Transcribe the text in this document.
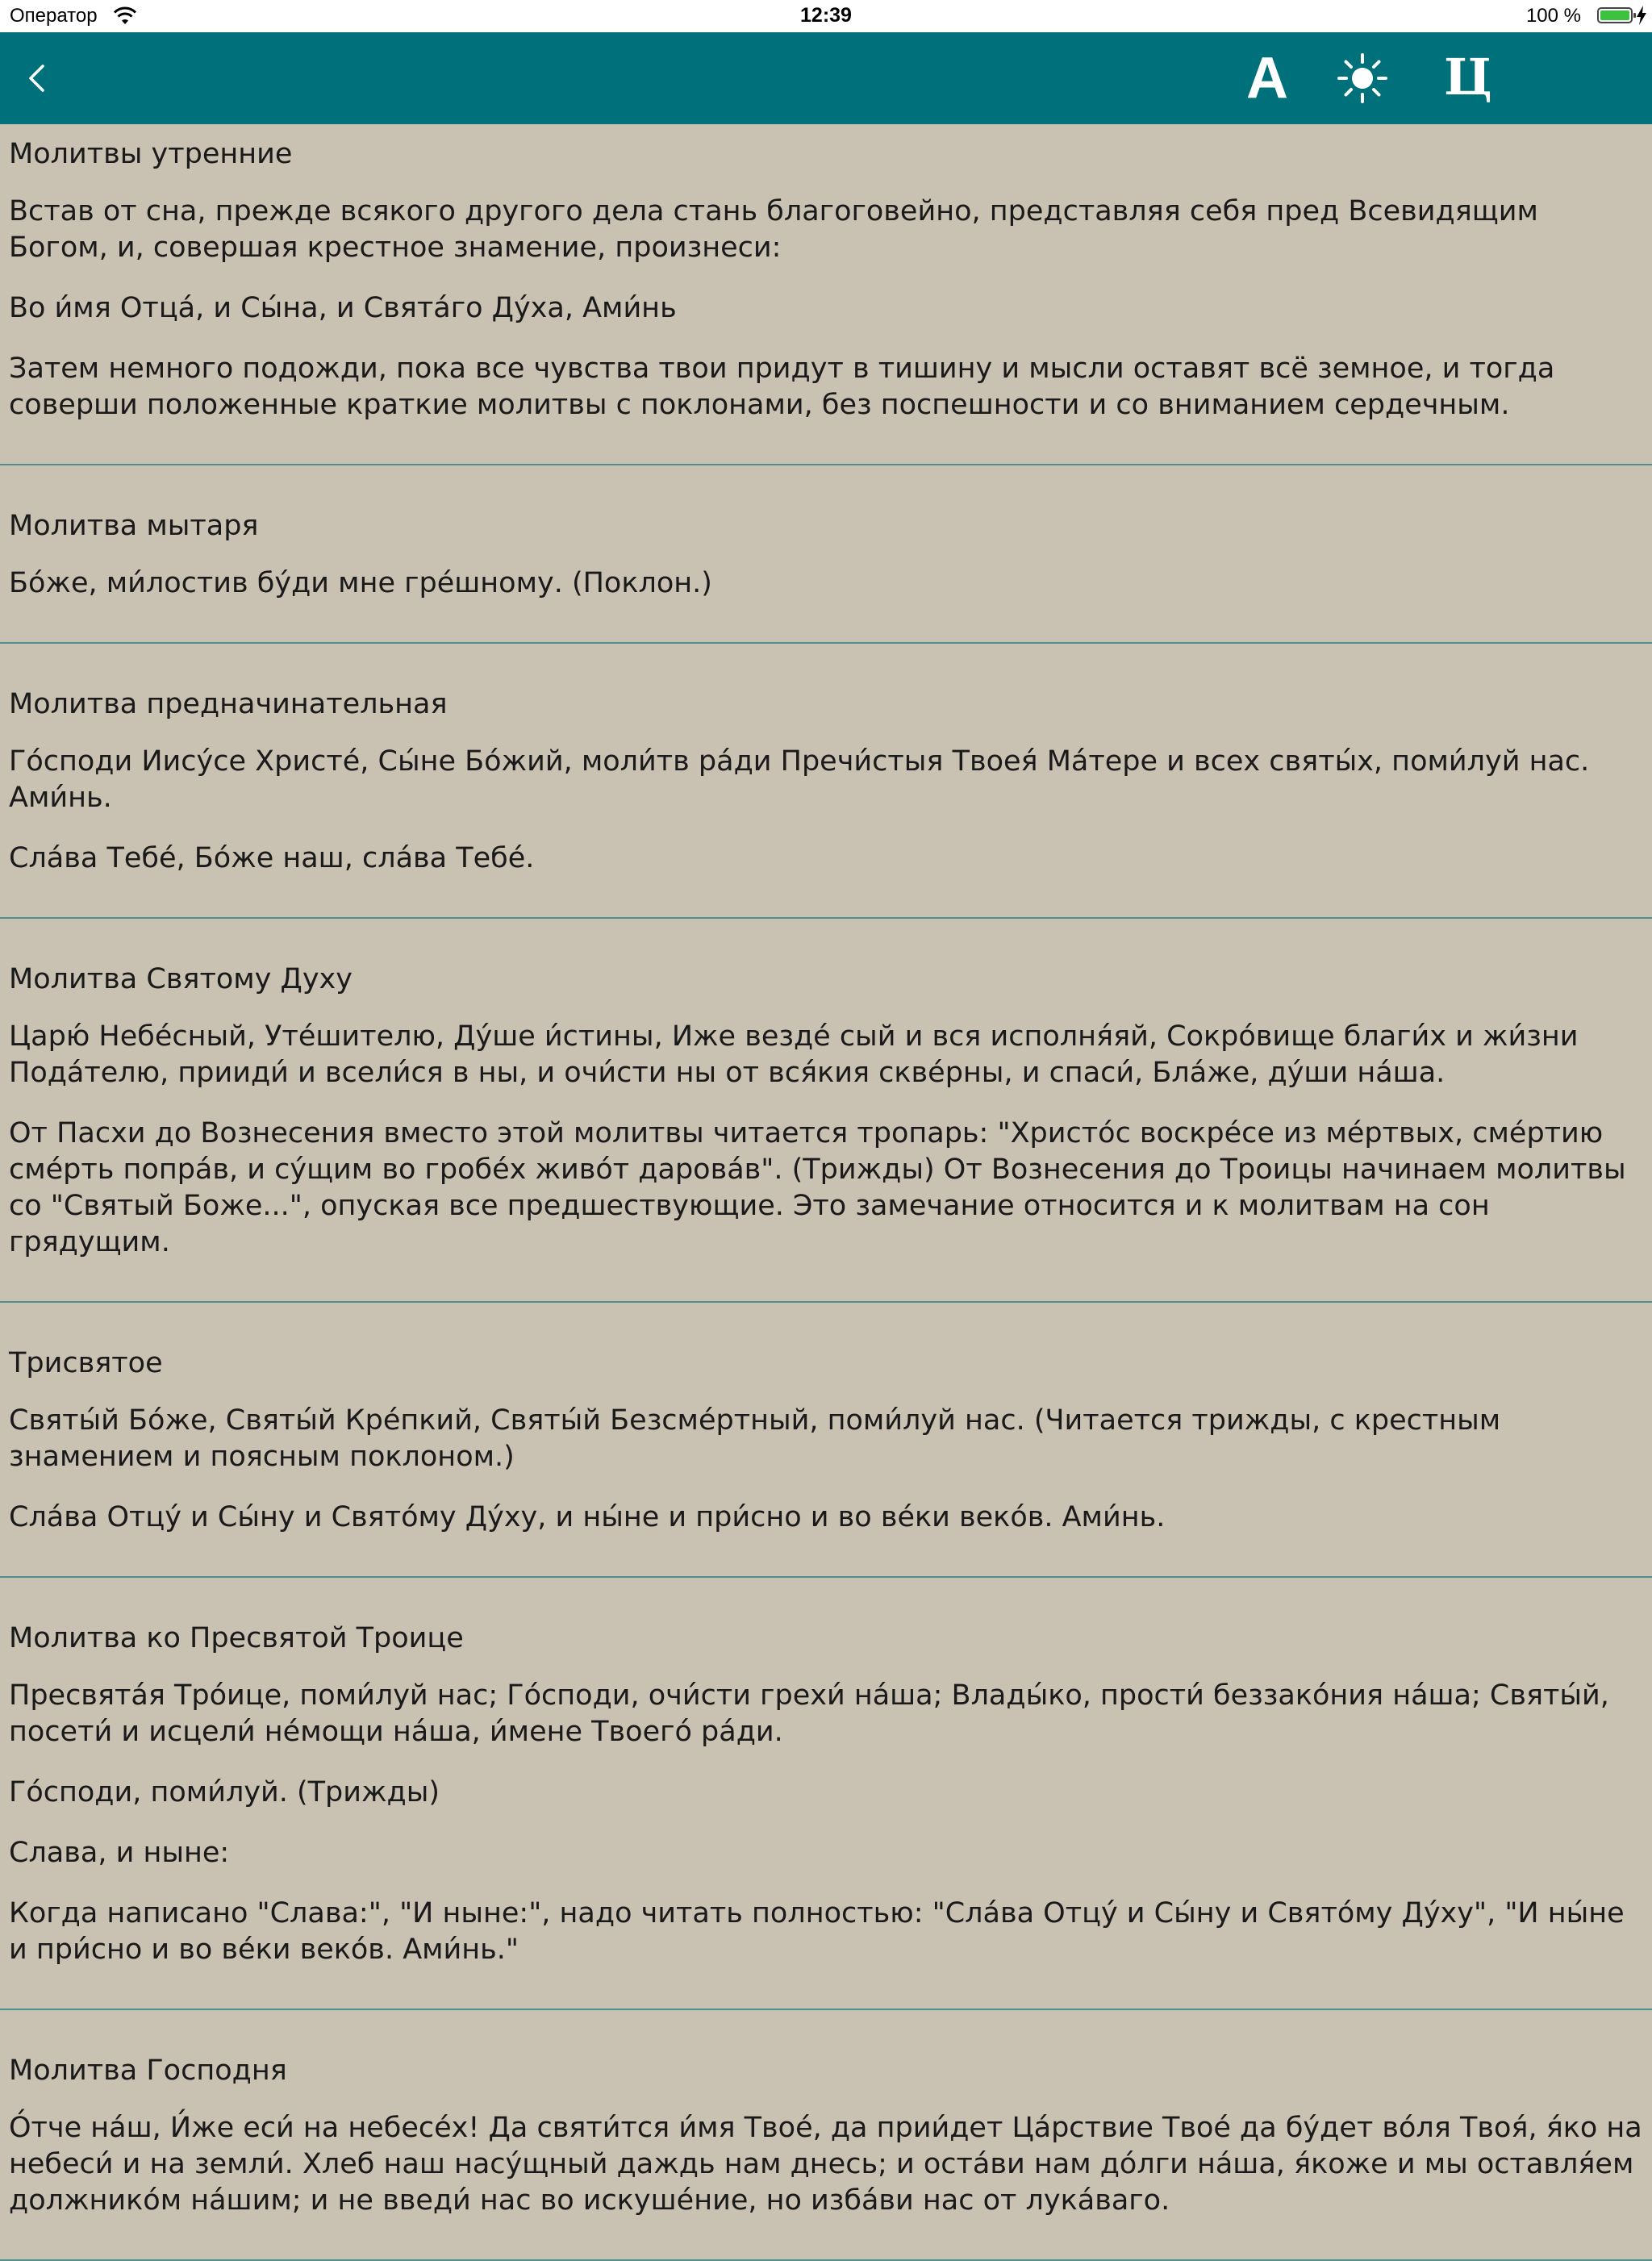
Оператор	12:39	100 %
A	Ц
Молитвы утренние

Встав от сна, прежде всякого другого дела стань благоговейно, представляя себя пред Всевидящим Богом, и, совершая крестное знамение, произнеси:

Во и́мя Отца́, и Сы́на, и Свята́го Ду́ха, Ами́нь

Затем немного подожди, пока все чувства твои придут в тишину и мысли оставят всё земное, и тогда соверши положенные краткие молитвы с поклонами, без поспешности и со вниманием сердечным.

Молитва мытаря

Бо́же, ми́лостив бу́ди мне гре́шному. (Поклон.)

Молитва предначинательная

Го́споди Иису́се Христе́, Сы́не Бо́жий, моли́тв ра́ди Пречи́стыя Твоея́ Ма́тере и всех святы́х, поми́луй нас. Ами́нь.

Сла́ва Тебе́, Бо́же наш, сла́ва Тебе́.

Молитва Святому Духу

Царю́ Небе́сный, Уте́шителю, Ду́ше и́стины, Иже везде́ сый и вся исполня́яй, Сокро́вище благи́х и жи́зни Пода́телю, прииди́ и всели́ся в ны, и очи́сти ны от вся́кия скве́рны, и спаси́, Бла́же, ду́ши на́ша.

От Пасхи до Вознесения вместо этой молитвы читается тропарь: "Христо́с воскре́се из ме́ртвых, сме́ртию сме́рть попра́в, и су́щим во гробе́х живо́т дарова́в". (Трижды) От Вознесения до Троицы начинаем молитвы со "Святый Боже...", опуская все предшествующие. Это замечание относится и к молитвам на сон грядущим.

Трисвятое

Святы́й Бо́же, Святы́й Кре́пкий, Святы́й Безсме́ртный, поми́луй нас. (Читается трижды, с крестным знамением и поясным поклоном.)

Сла́ва Отцу́ и Сы́ну и Свято́му Ду́ху, и ны́не и при́сно и во ве́ки веко́в. Ами́нь.

Молитва ко Пресвятой Троице

Пресвята́я Тро́ице, поми́луй нас; Го́споди, очи́сти грехи́ на́ша; Влады́ко, прости́ беззако́ния на́ша; Святы́й, посети́ и исцели́ не́мощи на́ша, и́мене Твоего́ ра́ди.

Го́споди, поми́луй. (Трижды)

Слава, и ныне:

Когда написано "Слава:", "И ныне:", надо читать полностью: "Сла́ва Отцу́ и Сы́ну и Свято́му Ду́ху", "И ны́не и при́сно и во ве́ки веко́в. Ами́нь."

Молитва Господня

О́тче на́ш, И́же еси́ на небесе́х! Да святи́тся и́мя Твое́, да прии́дет Ца́рствие Твое́ да бу́дет во́ля Твоя́, я́ко на небеси́ и на земли́. Хлеб наш насу́щный даждь нам днесь; и оста́ви нам до́лги на́ша, я́коже и мы оставля́ем должнико́м на́шим; и не введи́ нас во искуше́ние, но изба́ви нас от лука́ваго.
